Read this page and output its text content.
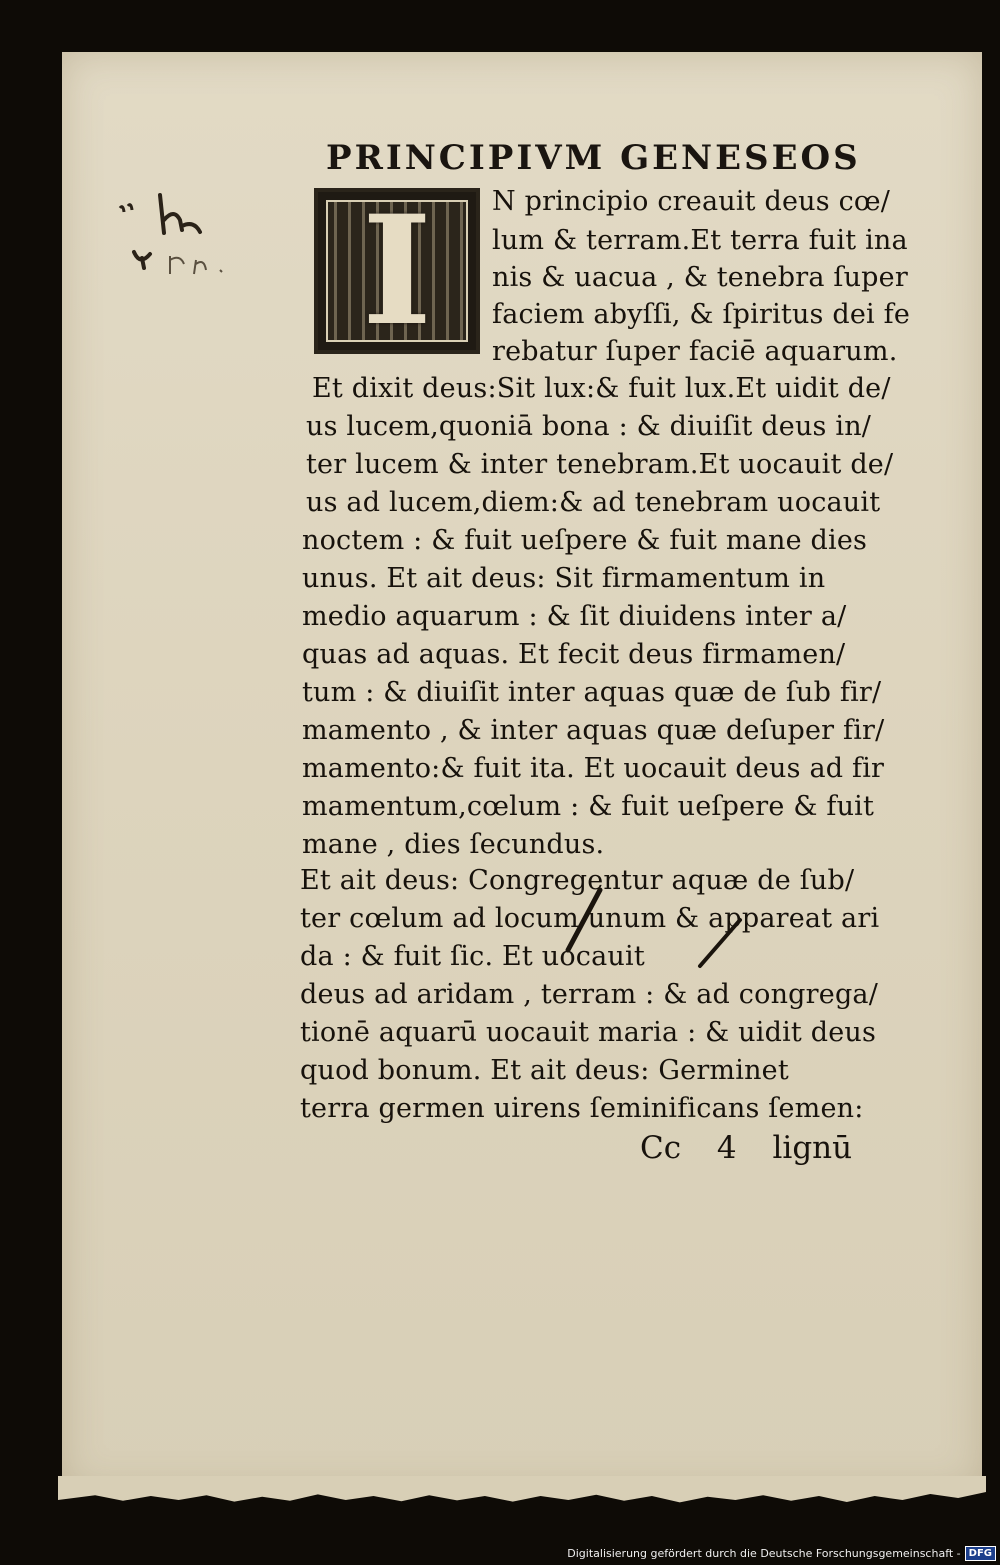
PRINCIPIVM GENESEOS
I	N principio creauit deus cœ/
lum & terram.Et terra fuit ina
nis & uacua , & tenebra ſuper
faciem abyſſi, & ſpiritus dei fe
rebatur ſuper faciē aquarum.
Et dixit deus:Sit lux:& fuit lux.Et uidit de/
us lucem,quoniā bona : & diuiſit deus in/
ter lucem & inter tenebram.Et uocauit de/
us ad lucem,diem:& ad tenebram uocauit
noctem : & fuit ueſpere & fuit mane dies
unus. Et ait deus: Sit firmamentum in
medio aquarum : & ſit diuidens inter a/
quas ad aquas. Et fecit deus firmamen/
tum : & diuiſit inter aquas quæ de ſub fir/
mamento , & inter aquas quæ deſuper fir/
mamento:& fuit ita. Et uocauit deus ad fir
mamentum,cœlum : & fuit ueſpere & fuit
mane , dies ſecundus.
Et ait deus: Congregentur aquæ de ſub/
ter cœlum ad locum unum & appareat ari
da : & fuit ſic. Et uocauit
deus ad aridam , terram : & ad congrega/
tionē aquarū uocauit maria : & uidit deus
quod bonum. Et ait deus: Germinet
terra germen uirens ſeminificans ſemen:
Cc 4 lignū
Digitalisierung gefördert durch die Deutsche Forschungsgemeinschaft - DFG
